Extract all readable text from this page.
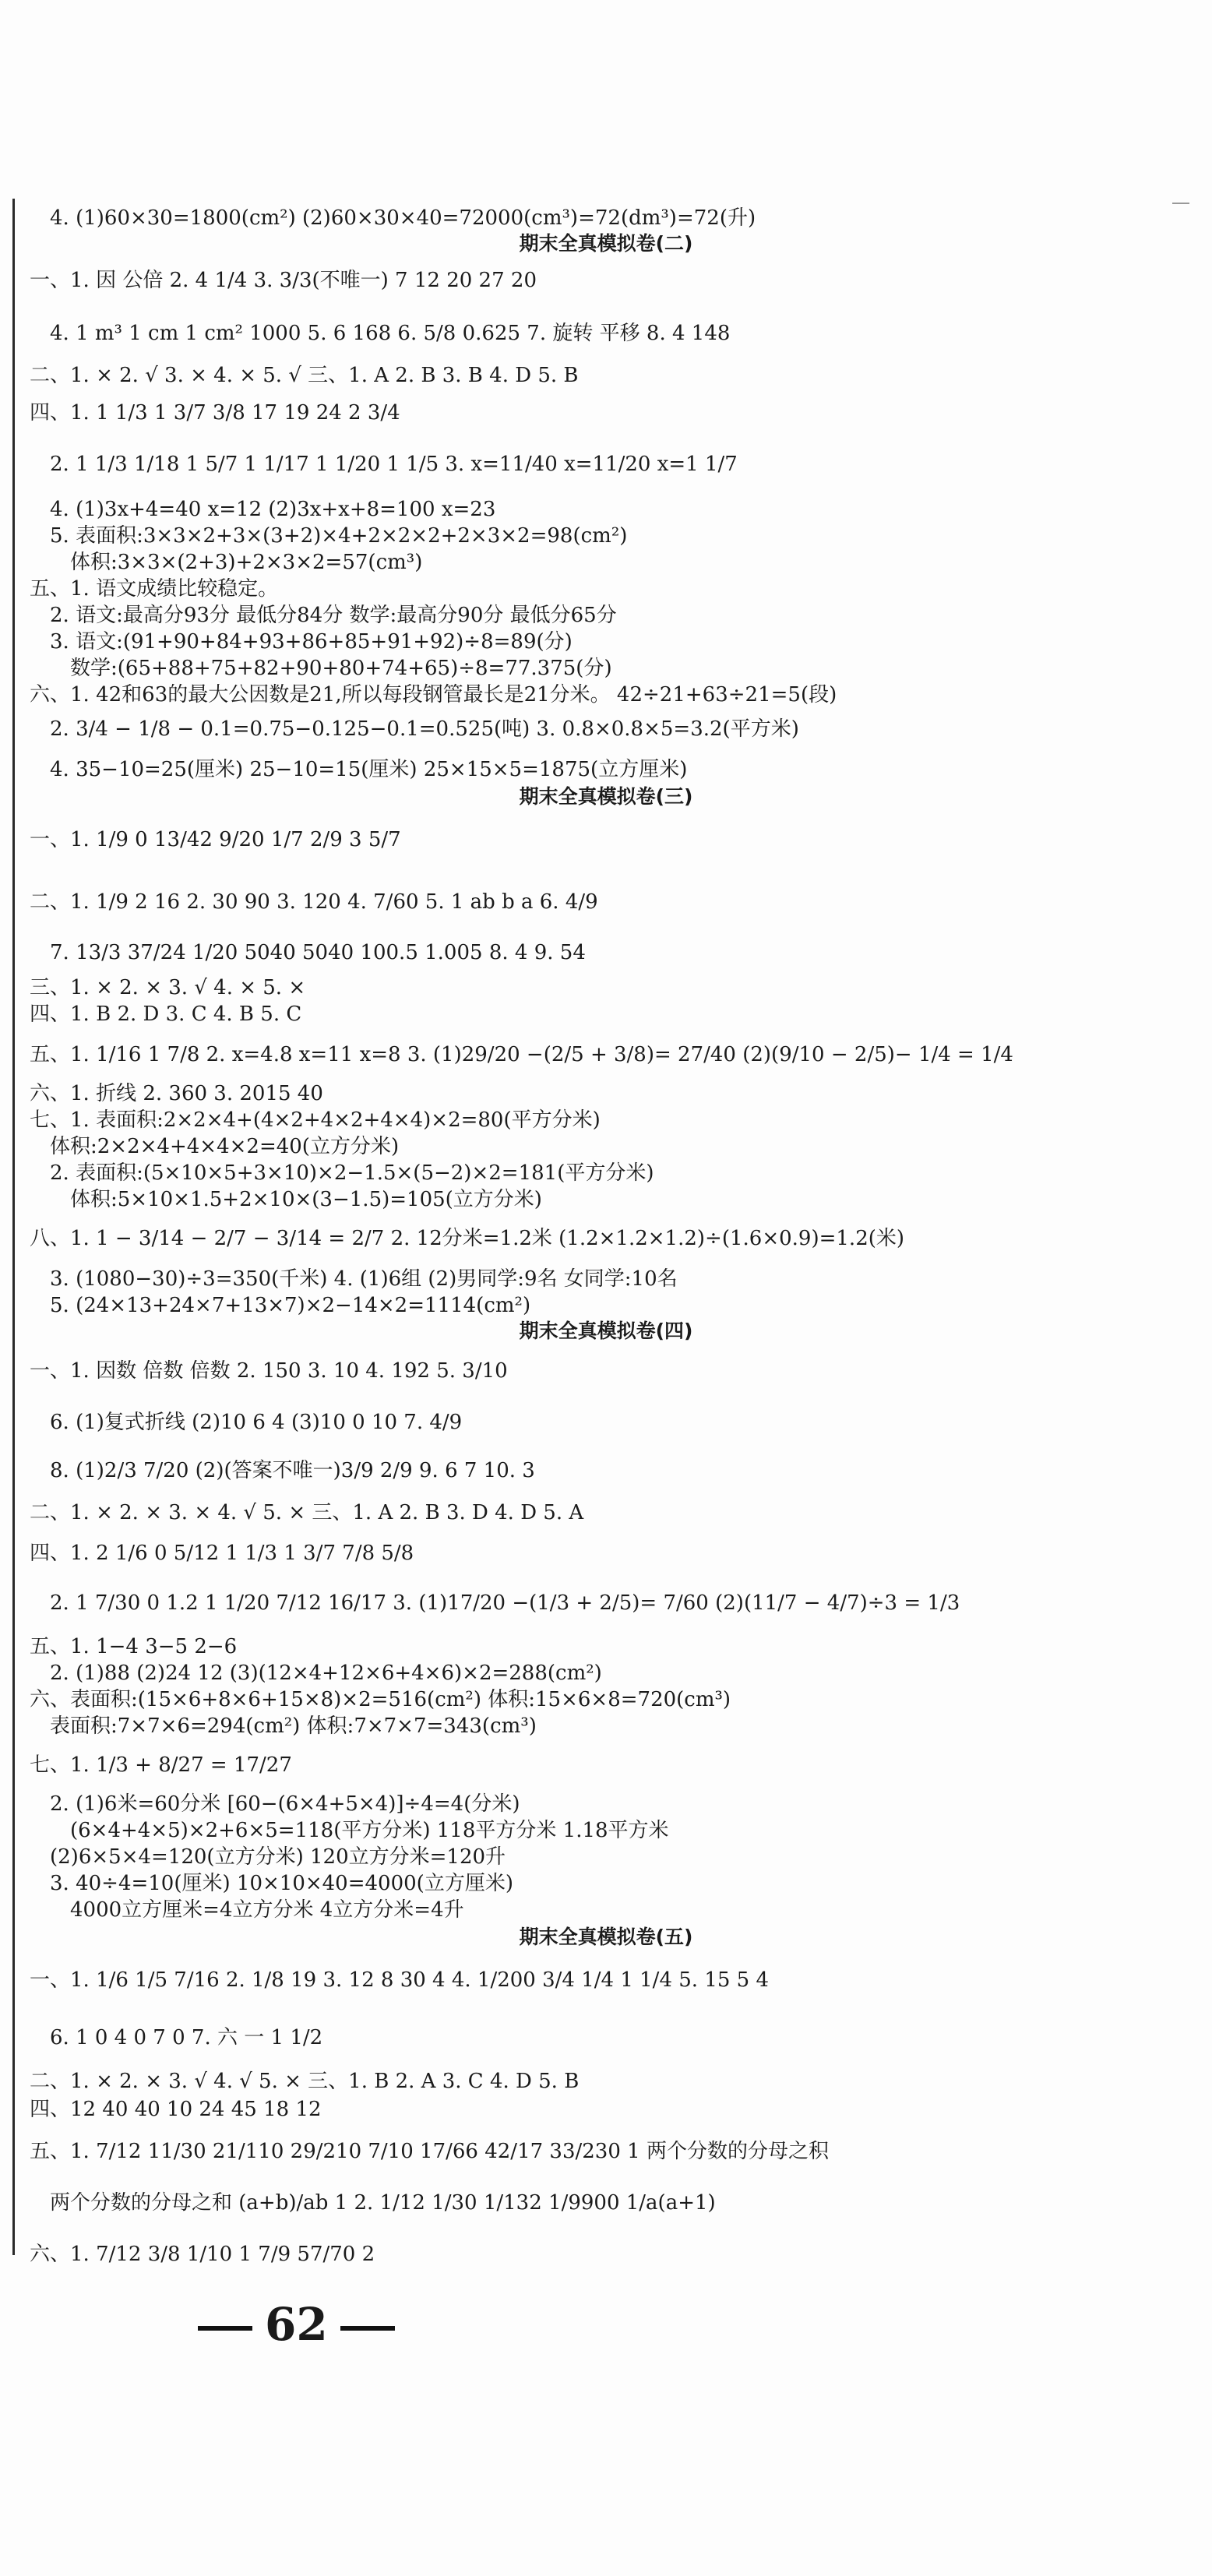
4. (1)60×30=1800(cm²) (2)60×30×40=72000(cm³)=72(dm³)=72(升)
期末全真模拟卷(二)
一、1. 因 公倍 2. 4 1/4 3. 3/3(不唯一) 7 12 20 27 20
4. 1 m³ 1 cm 1 cm² 1000 5. 6 168 6. 5/8 0.625 7. 旋转 平移 8. 4 148
二、1. × 2. √ 3. × 4. × 5. √ 三、1. A 2. B 3. B 4. D 5. B
四、1. 1 1/3 1 3/7 3/8 17 19 24 2 3/4
2. 1 1/3 1/18 1 5/7 1 1/17 1 1/20 1 1/5 3. x=11/40 x=11/20 x=1 1/7
4. (1)3x+4=40 x=12 (2)3x+x+8=100 x=23
5. 表面积:3×3×2+3×(3+2)×4+2×2×2+2×3×2=98(cm²)
体积:3×3×(2+3)+2×3×2=57(cm³)
五、1. 语文成绩比较稳定。
2. 语文:最高分93分 最低分84分 数学:最高分90分 最低分65分
3. 语文:(91+90+84+93+86+85+91+92)÷8=89(分)
数学:(65+88+75+82+90+80+74+65)÷8=77.375(分)
六、1. 42和63的最大公因数是21,所以每段钢管最长是21分米。 42÷21+63÷21=5(段)
2. 3/4 − 1/8 − 0.1=0.75−0.125−0.1=0.525(吨) 3. 0.8×0.8×5=3.2(平方米)
4. 35−10=25(厘米) 25−10=15(厘米) 25×15×5=1875(立方厘米)
期末全真模拟卷(三)
一、1. 1/9 0 13/42 9/20 1/7 2/9 3 5/7
二、1. 1/9 2 16 2. 30 90 3. 120 4. 7/60 5. 1 ab b a 6. 4/9
7. 13/3 37/24 1/20 5040 5040 100.5 1.005 8. 4 9. 54
三、1. × 2. × 3. √ 4. × 5. ×
四、1. B 2. D 3. C 4. B 5. C
五、1. 1/16 1 7/8 2. x=4.8 x=11 x=8 3. (1)29/20 −(2/5 + 3/8)= 27/40 (2)(9/10 − 2/5)− 1/4 = 1/4
六、1. 折线 2. 360 3. 2015 40
七、1. 表面积:2×2×4+(4×2+4×2+4×4)×2=80(平方分米)
体积:2×2×4+4×4×2=40(立方分米)
2. 表面积:(5×10×5+3×10)×2−1.5×(5−2)×2=181(平方分米)
体积:5×10×1.5+2×10×(3−1.5)=105(立方分米)
八、1. 1 − 3/14 − 2/7 − 3/14 = 2/7 2. 12分米=1.2米 (1.2×1.2×1.2)÷(1.6×0.9)=1.2(米)
3. (1080−30)÷3=350(千米) 4. (1)6组 (2)男同学:9名 女同学:10名
5. (24×13+24×7+13×7)×2−14×2=1114(cm²)
期末全真模拟卷(四)
一、1. 因数 倍数 倍数 2. 150 3. 10 4. 192 5. 3/10
6. (1)复式折线 (2)10 6 4 (3)10 0 10 7. 4/9
8. (1)2/3 7/20 (2)(答案不唯一)3/9 2/9 9. 6 7 10. 3
二、1. × 2. × 3. × 4. √ 5. × 三、1. A 2. B 3. D 4. D 5. A
四、1. 2 1/6 0 5/12 1 1/3 1 3/7 7/8 5/8
2. 1 7/30 0 1.2 1 1/20 7/12 16/17 3. (1)17/20 −(1/3 + 2/5)= 7/60 (2)(11/7 − 4/7)÷3 = 1/3
五、1. 1−4 3−5 2−6
2. (1)88 (2)24 12 (3)(12×4+12×6+4×6)×2=288(cm²)
六、表面积:(15×6+8×6+15×8)×2=516(cm²) 体积:15×6×8=720(cm³)
表面积:7×7×6=294(cm²) 体积:7×7×7=343(cm³)
七、1. 1/3 + 8/27 = 17/27
2. (1)6米=60分米 [60−(6×4+5×4)]÷4=4(分米)
(6×4+4×5)×2+6×5=118(平方分米) 118平方分米 1.18平方米
(2)6×5×4=120(立方分米) 120立方分米=120升
3. 40÷4=10(厘米) 10×10×40=4000(立方厘米)
4000立方厘米=4立方分米 4立方分米=4升
期末全真模拟卷(五)
一、1. 1/6 1/5 7/16 2. 1/8 19 3. 12 8 30 4 4. 1/200 3/4 1/4 1 1/4 5. 15 5 4
6. 1 0 4 0 7 0 7. 六 一 1 1/2
二、1. × 2. × 3. √ 4. √ 5. × 三、1. B 2. A 3. C 4. D 5. B
四、12 40 40 10 24 45 18 12
五、1. 7/12 11/30 21/110 29/210 7/10 17/66 42/17 33/230 1 两个分数的分母之积
两个分数的分母之和 (a+b)/ab 1 2. 1/12 1/30 1/132 1/9900 1/a(a+1)
六、1. 7/12 3/8 1/10 1 7/9 57/70 2
62
